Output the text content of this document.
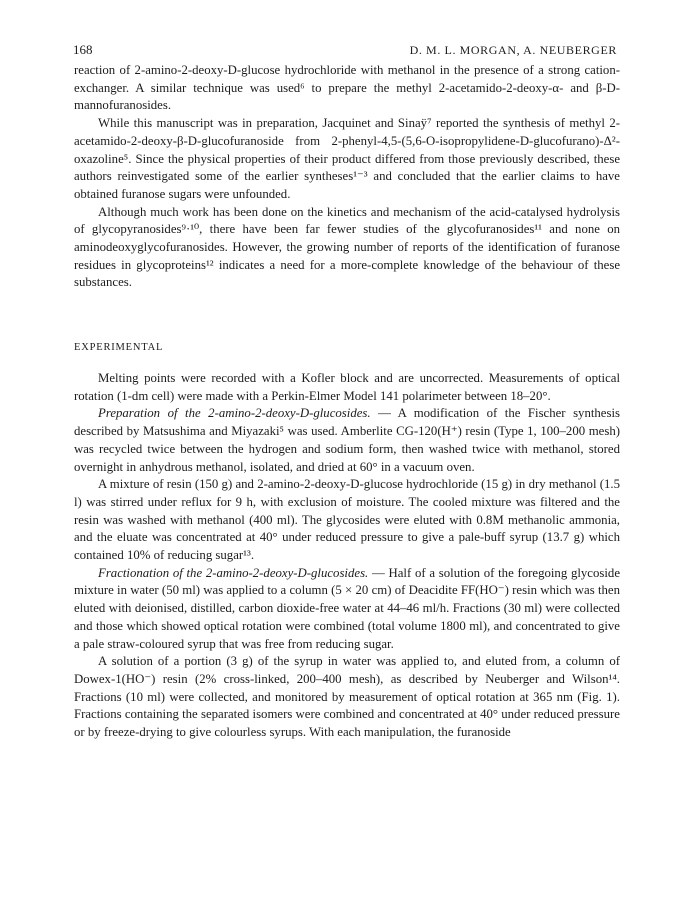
168	D. M. L. MORGAN, A. NEUBERGER

reaction of 2-amino-2-deoxy-D-glucose hydrochloride with methanol in the presence of a strong cation-exchanger. A similar technique was used⁶ to prepare the methyl 2-acetamido-2-deoxy-α- and β-D-mannofuranosides.

While this manuscript was in preparation, Jacquinet and Sinaÿ⁷ reported the synthesis of methyl 2-acetamido-2-deoxy-β-D-glucofuranoside from 2-phenyl-4,5-(5,6-O-isopropylidene-D-glucofurano)-Δ²-oxazoline⁵. Since the physical properties of their product differed from those previously described, these authors reinvestigated some of the earlier syntheses¹⁻³ and concluded that the earlier claims to have obtained furanose sugars were unfounded.

Although much work has been done on the kinetics and mechanism of the acid-catalysed hydrolysis of glycopyranosides⁹·¹⁰, there have been far fewer studies of the glycofuranosides¹¹ and none on aminodeoxyglycofuranosides. However, the growing number of reports of the identification of furanose residues in glycoproteins¹² indicates a need for a more-complete knowledge of the behaviour of these substances.

EXPERIMENTAL

Melting points were recorded with a Kofler block and are uncorrected. Measurements of optical rotation (1-dm cell) were made with a Perkin-Elmer Model 141 polarimeter between 18–20°.

Preparation of the 2-amino-2-deoxy-D-glucosides. — A modification of the Fischer synthesis described by Matsushima and Miyazaki⁵ was used. Amberlite CG-120(H⁺) resin (Type 1, 100–200 mesh) was recycled twice between the hydrogen and sodium form, then washed twice with methanol, stored overnight in anhydrous methanol, isolated, and dried at 60° in a vacuum oven.

A mixture of resin (150 g) and 2-amino-2-deoxy-D-glucose hydrochloride (15 g) in dry methanol (1.5 l) was stirred under reflux for 9 h, with exclusion of moisture. The cooled mixture was filtered and the resin was washed with methanol (400 ml). The glycosides were eluted with 0.8M methanolic ammonia, and the eluate was concentrated at 40° under reduced pressure to give a pale-buff syrup (13.7 g) which contained 10% of reducing sugar¹³.

Fractionation of the 2-amino-2-deoxy-D-glucosides. — Half of a solution of the foregoing glycoside mixture in water (50 ml) was applied to a column (5 × 20 cm) of Deacidite FF(HO⁻) resin which was then eluted with deionised, distilled, carbon dioxide-free water at 44–46 ml/h. Fractions (30 ml) were collected and those which showed optical rotation were combined (total volume 1800 ml), and concentrated to give a pale straw-coloured syrup that was free from reducing sugar.

A solution of a portion (3 g) of the syrup in water was applied to, and eluted from, a column of Dowex-1(HO⁻) resin (2% cross-linked, 200–400 mesh), as described by Neuberger and Wilson¹⁴. Fractions (10 ml) were collected, and monitored by measurement of optical rotation at 365 nm (Fig. 1). Fractions containing the separated isomers were combined and concentrated at 40° under reduced pressure or by freeze-drying to give colourless syrups. With each manipulation, the furanoside
